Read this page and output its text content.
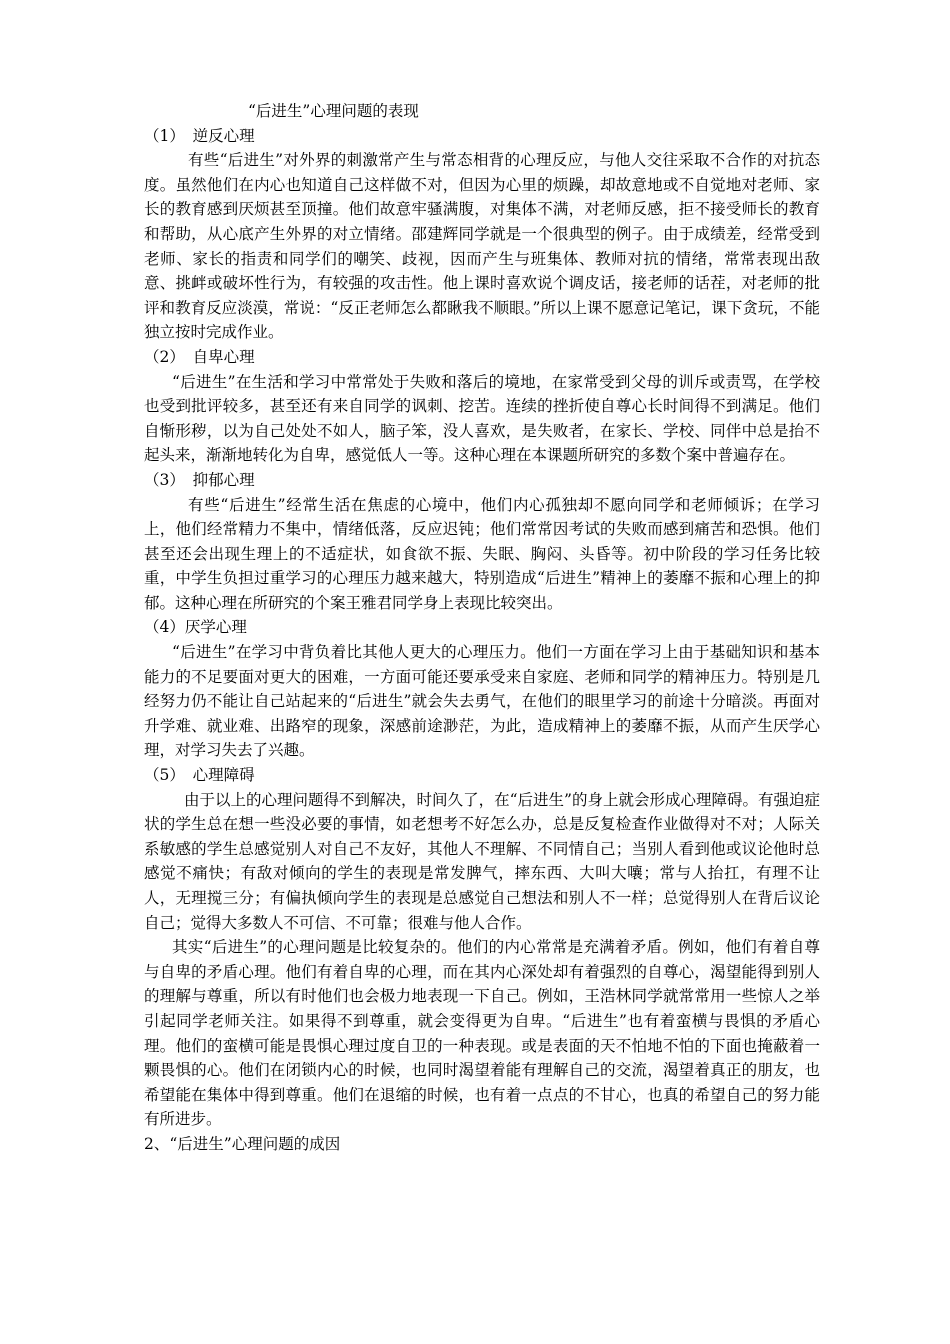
“后进生”心理问题的表现
（1）　逆反心理

有些“后进生”对外界的刺激常产生与常态相背的心理反应，与他人交往采取不合作的对抗态度。虽然他们在内心也知道自己这样做不对，但因为心里的烦躁，却故意地或不自觉地对老师、家长的教育感到厌烦甚至顶撞。他们故意牢骚满腹，对集体不满，对老师反感，拒不接受师长的教育和帮助，从心底产生外界的对立情绪。邵建辉同学就是一个很典型的例子。由于成绩差，经常受到老师、家长的指责和同学们的嘲笑、歧视，因而产生与班集体、教师对抗的情绪，常常表现出敌意、挑衅或破坏性行为，有较强的攻击性。他上课时喜欢说个调皮话，接老师的话茬，对老师的批评和教育反应淡漠，常说：“反正老师怎么都瞅我不顺眼。”所以上课不愿意记笔记，课下贪玩，不能独立按时完成作业。

（2）　自卑心理

“后进生”在生活和学习中常常处于失败和落后的境地，在家常受到父母的训斥或责骂，在学校也受到批评较多，甚至还有来自同学的讽刺、挖苦。连续的挫折使自尊心长时间得不到满足。他们自惭形秽，以为自己处处不如人，脑子笨，没人喜欢，是失败者，在家长、学校、同伴中总是抬不起头来，渐渐地转化为自卑，感觉低人一等。这种心理在本课题所研究的多数个案中普遍存在。

（3）　抑郁心理

有些“后进生”经常生活在焦虑的心境中，他们内心孤独却不愿向同学和老师倾诉；在学习上，他们经常精力不集中，情绪低落，反应迟钝；他们常常因考试的失败而感到痛苦和恐惧。他们甚至还会出现生理上的不适症状，如食欲不振、失眠、胸闷、头昏等。初中阶段的学习任务比较重，中学生负担过重学习的心理压力越来越大，特别造成“后进生”精神上的萎靡不振和心理上的抑郁。这种心理在所研究的个案王雅君同学身上表现比较突出。

（4）厌学心理

“后进生”在学习中背负着比其他人更大的心理压力。他们一方面在学习上由于基础知识和基本能力的不足要面对更大的困难，一方面可能还要承受来自家庭、老师和同学的精神压力。特别是几经努力仍不能让自己站起来的“后进生”就会失去勇气，在他们的眼里学习的前途十分暗淡。再面对升学难、就业难、出路窄的现象，深感前途渺茫，为此，造成精神上的萎靡不振，从而产生厌学心理，对学习失去了兴趣。

（5）　心理障碍

由于以上的心理问题得不到解决，时间久了，在“后进生”的身上就会形成心理障碍。有强迫症状的学生总在想一些没必要的事情，如老想考不好怎么办，总是反复检查作业做得对不对；人际关系敏感的学生总感觉别人对自己不友好，其他人不理解、不同情自己；当别人看到他或议论他时总感觉不痛快；有敌对倾向的学生的表现是常发脾气，摔东西、大叫大嚷；常与人抬扛，有理不让人，无理搅三分；有偏执倾向学生的表现是总感觉自己想法和别人不一样；总觉得别人在背后议论自己；觉得大多数人不可信、不可靠；很难与他人合作。

其实“后进生”的心理问题是比较复杂的。他们的内心常常是充满着矛盾。例如，他们有着自尊与自卑的矛盾心理。他们有着自卑的心理，而在其内心深处却有着强烈的自尊心，渴望能得到别人的理解与尊重，所以有时他们也会极力地表现一下自己。例如，王浩林同学就常常用一些惊人之举引起同学老师关注。如果得不到尊重，就会变得更为自卑。“后进生”也有着蛮横与畏惧的矛盾心理。他们的蛮横可能是畏惧心理过度自卫的一种表现。或是表面的天不怕地不怕的下面也掩蔽着一颗畏惧的心。他们在闭锁内心的时候，也同时渴望着能有理解自己的交流，渴望着真正的朋友，也希望能在集体中得到尊重。他们在退缩的时候，也有着一点点的不甘心，也真的希望自己的努力能有所进步。

2、“后进生”心理问题的成因
